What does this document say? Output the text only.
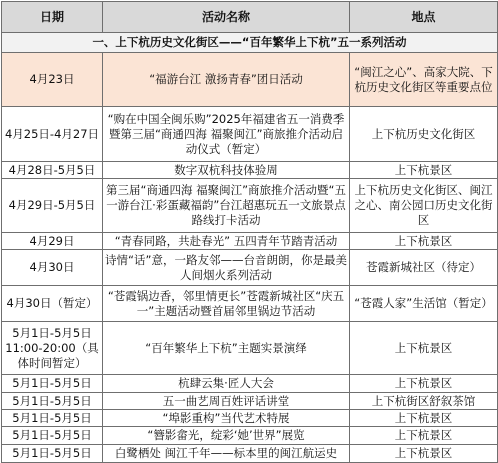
日期	活动名称	地点
一、上下杭历史文化街区——“百年繁华上下杭”五一系列活动		
4月23日	“福游台江 激扬青春”团日活动	“闽江之心”、高家大院、下杭历史文化街区等重要点位
4月25日-4月27日	“购在中国全闽乐购”2025年福建省五一消费季暨第三届“商通四海 福聚闽江”商旅推介活动启动仪式（暂定）	上下杭历史文化街区
4月28日-5月5日	数字双杭科技体验周	上下杭景区
4月29日-5月5日	第三届“商通四海 福聚闽江”商旅推介活动暨“五一游台江·彩蛋藏福韵”台江超惠玩五一文旅景点路线打卡活动	上下杭历史文化街区、闽江之心、南公园口历史文化街区
4月29日	“青春同路，共赴春光” 五四青年节踏青活动	上下杭景区
4月30日	诗情“话”意，一路友邻——台音朗朗，你是最美人间烟火系列活动	苍霞新城社区（待定）
4月30日（暂定）	“苍霞锅边香，邻里情更长”苍霞新城社区“庆五一”主题活动暨首届邻里锅边节活动	“苍霞人家”生活馆（暂定）
5月1日-5月5日 11:00-20:00（具体时间暂定）	“百年繁华上下杭”主题实景演绎	上下杭景区
5月1日-5月5日	杭肆云集·匠人大会	上下杭景区
5月1日-5月5日	五一曲艺周百姓评话讲堂	上下杭街区舒叙茶馆
5月1日-5月5日	“埠影重构”当代艺术特展	上下杭景区
5月1日-5月5日	“簪影畲光，绽彩‘她’世界”展览	上下杭景区
5月1日-5月5日	白鹭栖处 闽江千年——标本里的闽江航运史	上下杭景区
